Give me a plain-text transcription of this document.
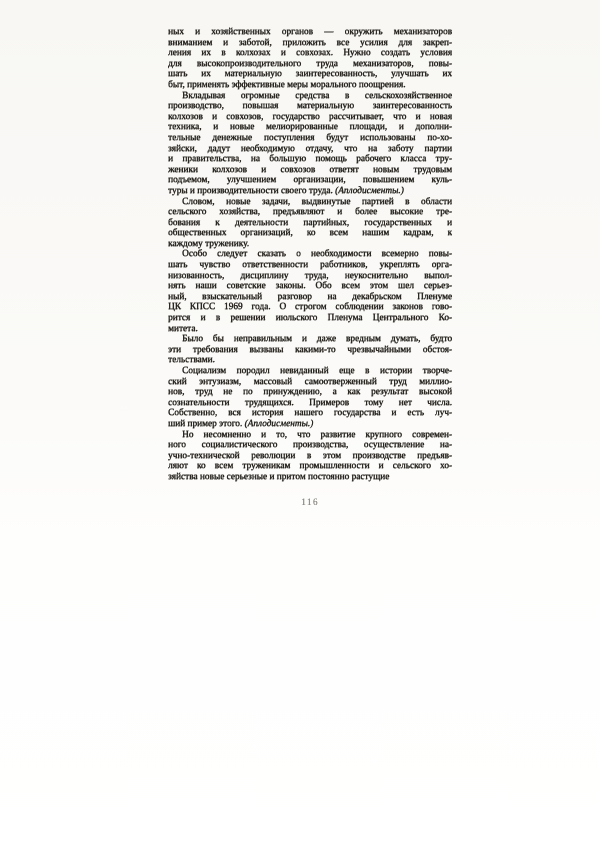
ных и хозяйственных органов — окружить механизаторов
вниманием и заботой, приложить все усилия для закреп-
ления их в колхозах и совхозах. Нужно создать условия
для высокопроизводительного труда механизаторов, повы-
шать их материальную заинтересованность, улучшать их
быт, применять эффективные меры морального поощрения.
Вкладывая огромные средства в сельскохозяйственное
производство, повышая материальную заинтересованность
колхозов и совхозов, государство рассчитывает, что и новая
техника, и новые мелиорированные площади, и дополни-
тельные денежные поступления будут использованы по-хо-
зяйски, дадут необходимую отдачу, что на заботу партии
и правительства, на большую помощь рабочего класса тру-
женики колхозов и совхозов ответят новым трудовым
подъемом, улучшением организации, повышением куль-
туры и производительности своего труда. (Аплодисменты.)
Словом, новые задачи, выдвинутые партией в области
сельского хозяйства, предъявляют и более высокие тре-
бования к деятельности партийных, государственных и
общественных организаций, ко всем нашим кадрам, к
каждому труженику.
Особо следует сказать о необходимости всемерно повы-
шать чувство ответственности работников, укреплять орга-
низованность, дисциплину труда, неукоснительно выпол-
нять наши советские законы. Обо всем этом шел серьез-
ный, взыскательный разговор на декабрьском Пленуме
ЦК КПСС 1969 года. О строгом соблюдении законов гово-
рится и в решении июльского Пленума Центрального Ко-
митета.
Было бы неправильным и даже вредным думать, будто
эти требования вызваны какими-то чрезвычайными обстоя-
тельствами.
Социализм породил невиданный еще в истории творче-
ский энтузиазм, массовый самоотверженный труд миллио-
нов, труд не по принуждению, а как результат высокой
сознательности трудящихся. Примеров тому нет числа.
Собственно, вся история нашего государства и есть луч-
ший пример этого. (Аплодисменты.)
Но несомненно и то, что развитие крупного современ-
ного социалистического производства, осуществление на-
учно-технической революции в этом производстве предъяв-
ляют ко всем труженикам промышленности и сельского хо-
зяйства новые серьезные и притом постоянно растущие
116
